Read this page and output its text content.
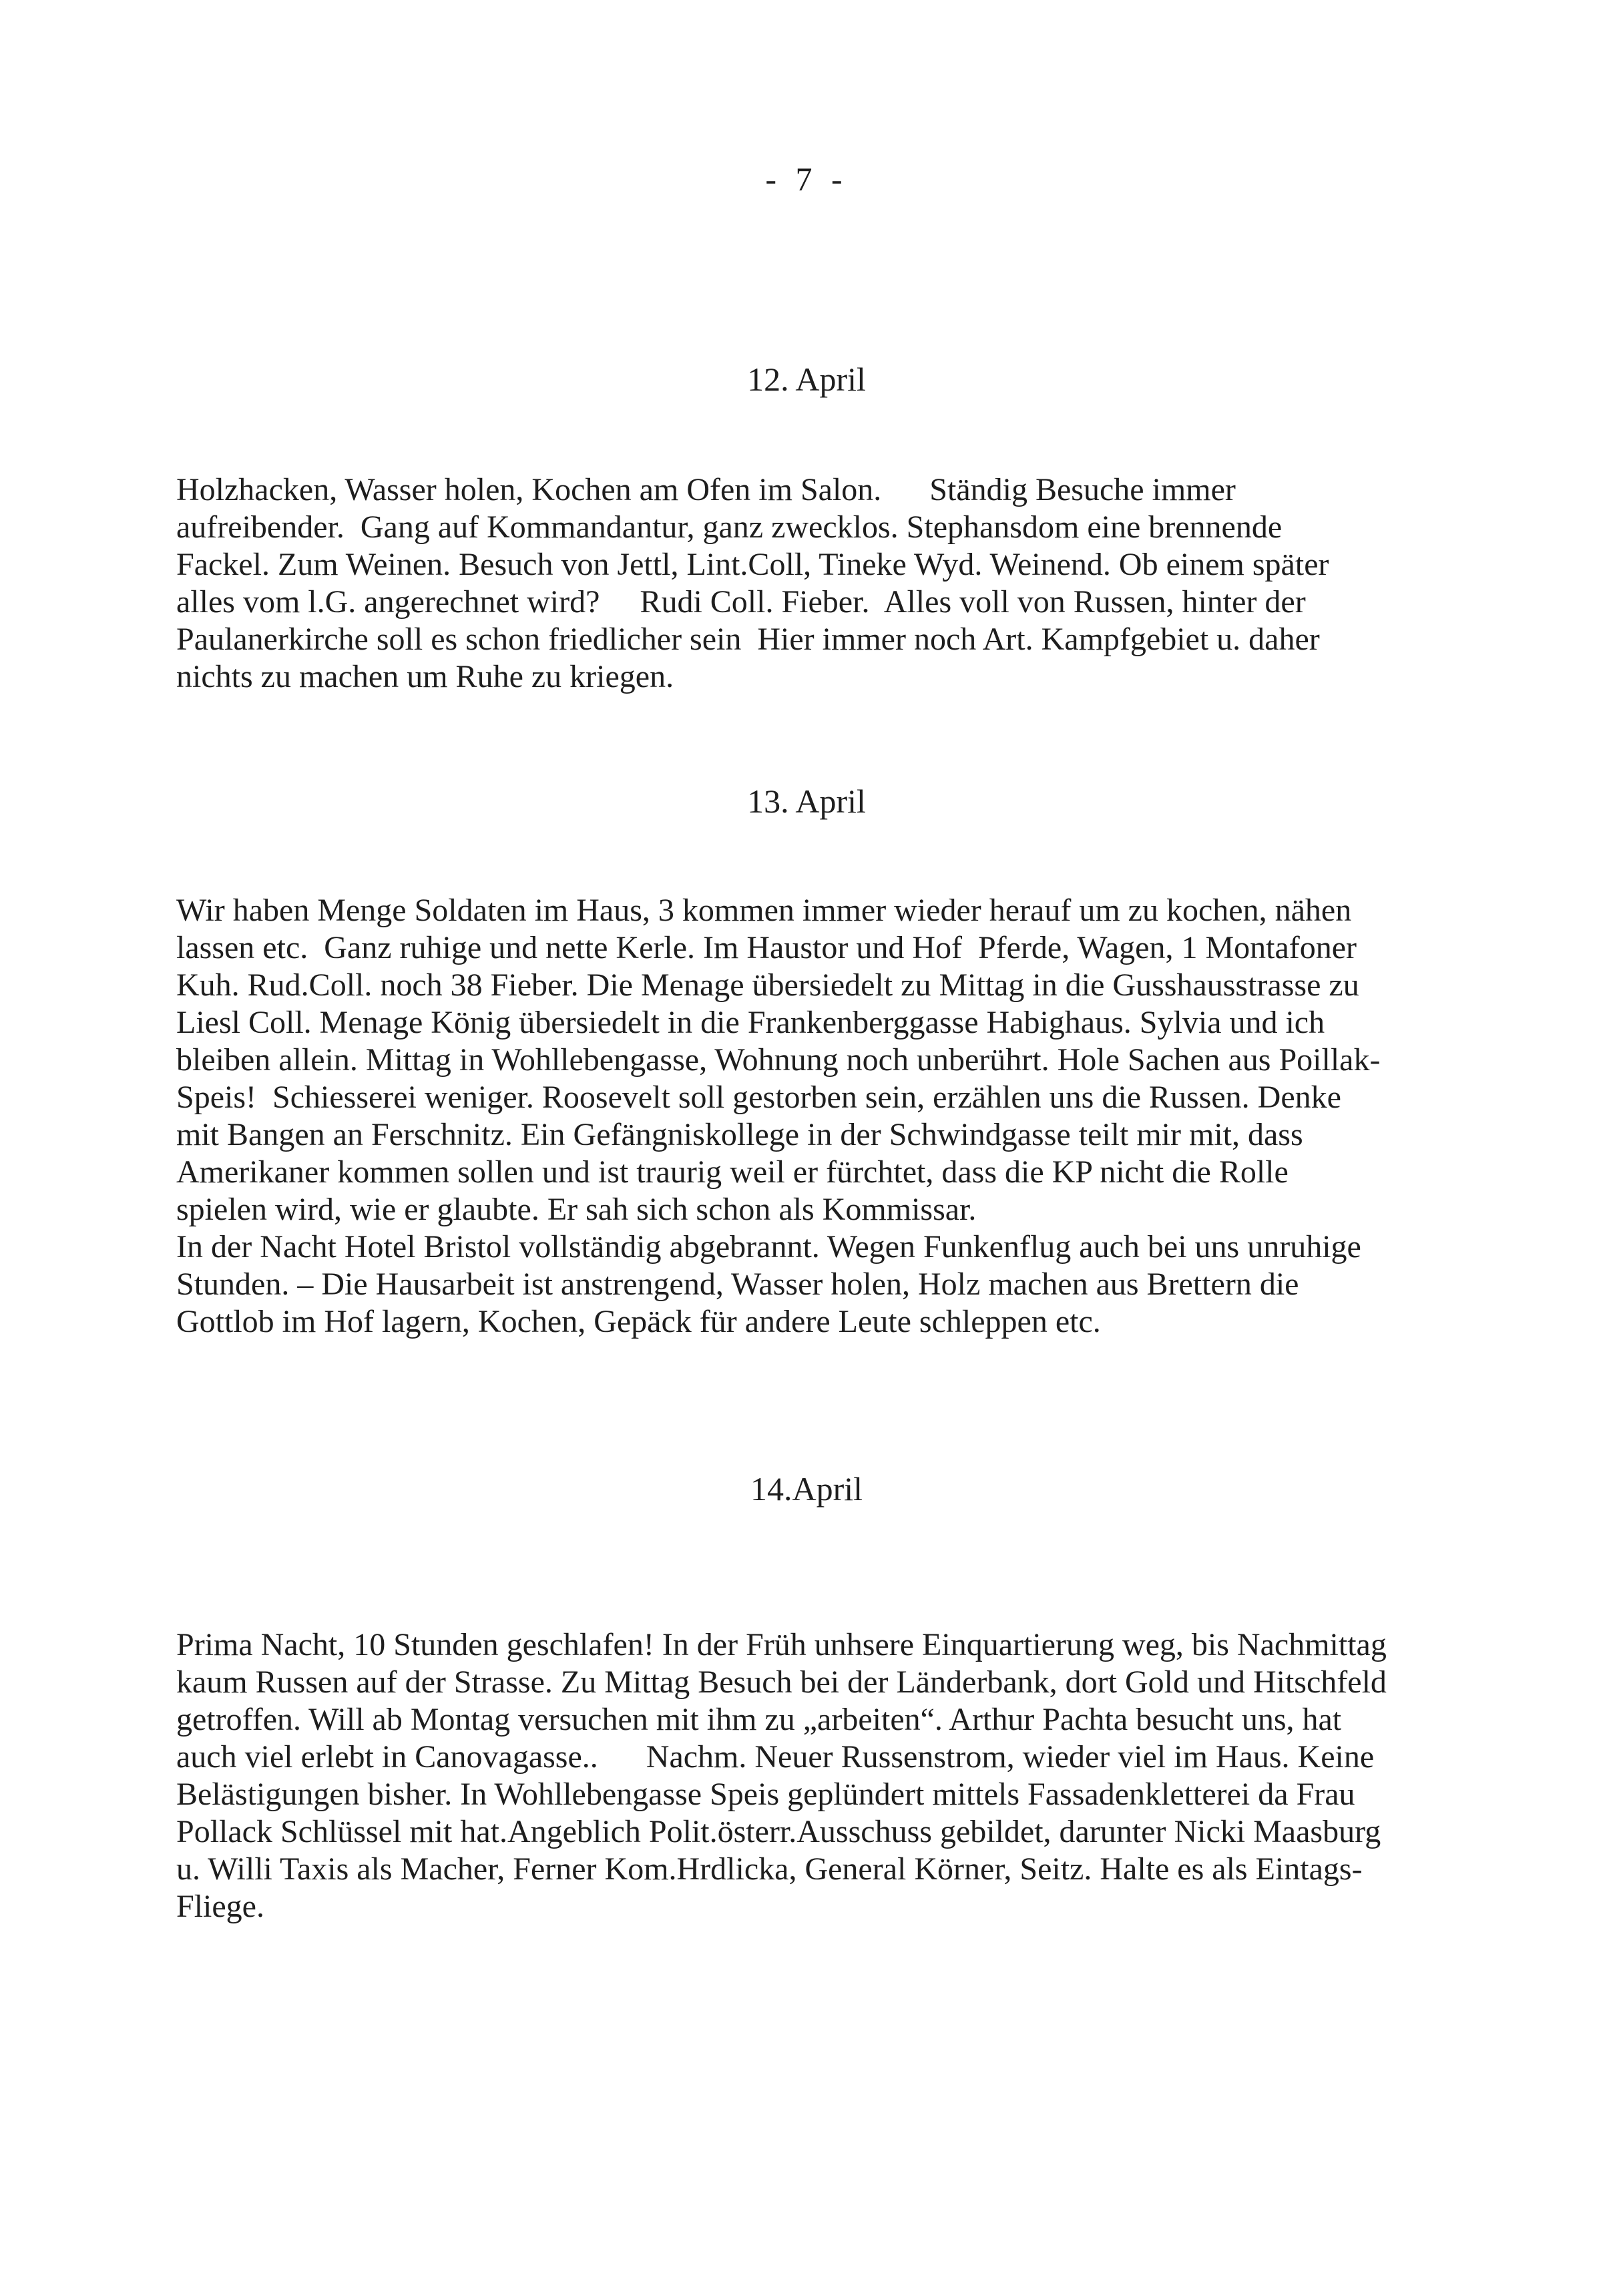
- 7 -
12. April

Holzhacken, Wasser holen, Kochen am Ofen im Salon.      Ständig Besuche immer
aufreibender.  Gang auf Kommandantur, ganz zwecklos. Stephansdom eine brennende
Fackel. Zum Weinen. Besuch von Jettl, Lint.Coll, Tineke Wyd. Weinend. Ob einem später
alles vom l.G. angerechnet wird?     Rudi Coll. Fieber.  Alles voll von Russen, hinter der
Paulanerkirche soll es schon friedlicher sein  Hier immer noch Art. Kampfgebiet u. daher
nichts zu machen um Ruhe zu kriegen.

13. April

Wir haben Menge Soldaten im Haus, 3 kommen immer wieder herauf um zu kochen, nähen
lassen etc.  Ganz ruhige und nette Kerle. Im Haustor und Hof  Pferde, Wagen, 1 Montafoner
Kuh. Rud.Coll. noch 38 Fieber. Die Menage übersiedelt zu Mittag in die Gusshausstrasse zu
Liesl Coll. Menage König übersiedelt in die Frankenberggasse Habighaus. Sylvia und ich
bleiben allein. Mittag in Wohllebengasse, Wohnung noch unberührt. Hole Sachen aus Poillak-
Speis!  Schiesserei weniger. Roosevelt soll gestorben sein, erzählen uns die Russen. Denke
mit Bangen an Ferschnitz. Ein Gefängniskollege in der Schwindgasse teilt mir mit, dass
Amerikaner kommen sollen und ist traurig weil er fürchtet, dass die KP nicht die Rolle
spielen wird, wie er glaubte. Er sah sich schon als Kommissar.
In der Nacht Hotel Bristol vollständig abgebrannt. Wegen Funkenflug auch bei uns unruhige
Stunden. – Die Hausarbeit ist anstrengend, Wasser holen, Holz machen aus Brettern die
Gottlob im Hof lagern, Kochen, Gepäck für andere Leute schleppen etc.

14.April

Prima Nacht, 10 Stunden geschlafen! In der Früh unhsere Einquartierung weg, bis Nachmittag
kaum Russen auf der Strasse. Zu Mittag Besuch bei der Länderbank, dort Gold und Hitschfeld
getroffen. Will ab Montag versuchen mit ihm zu „arbeiten“. Arthur Pachta besucht uns, hat
auch viel erlebt in Canovagasse..      Nachm. Neuer Russenstrom, wieder viel im Haus. Keine
Belästigungen bisher. In Wohllebengasse Speis geplündert mittels Fassadenkletterei da Frau
Pollack Schlüssel mit hat.Angeblich Polit.österr.Ausschuss gebildet, darunter Nicki Maasburg
u. Willi Taxis als Macher, Ferner Kom.Hrdlicka, General Körner, Seitz. Halte es als Eintags-
Fliege.
